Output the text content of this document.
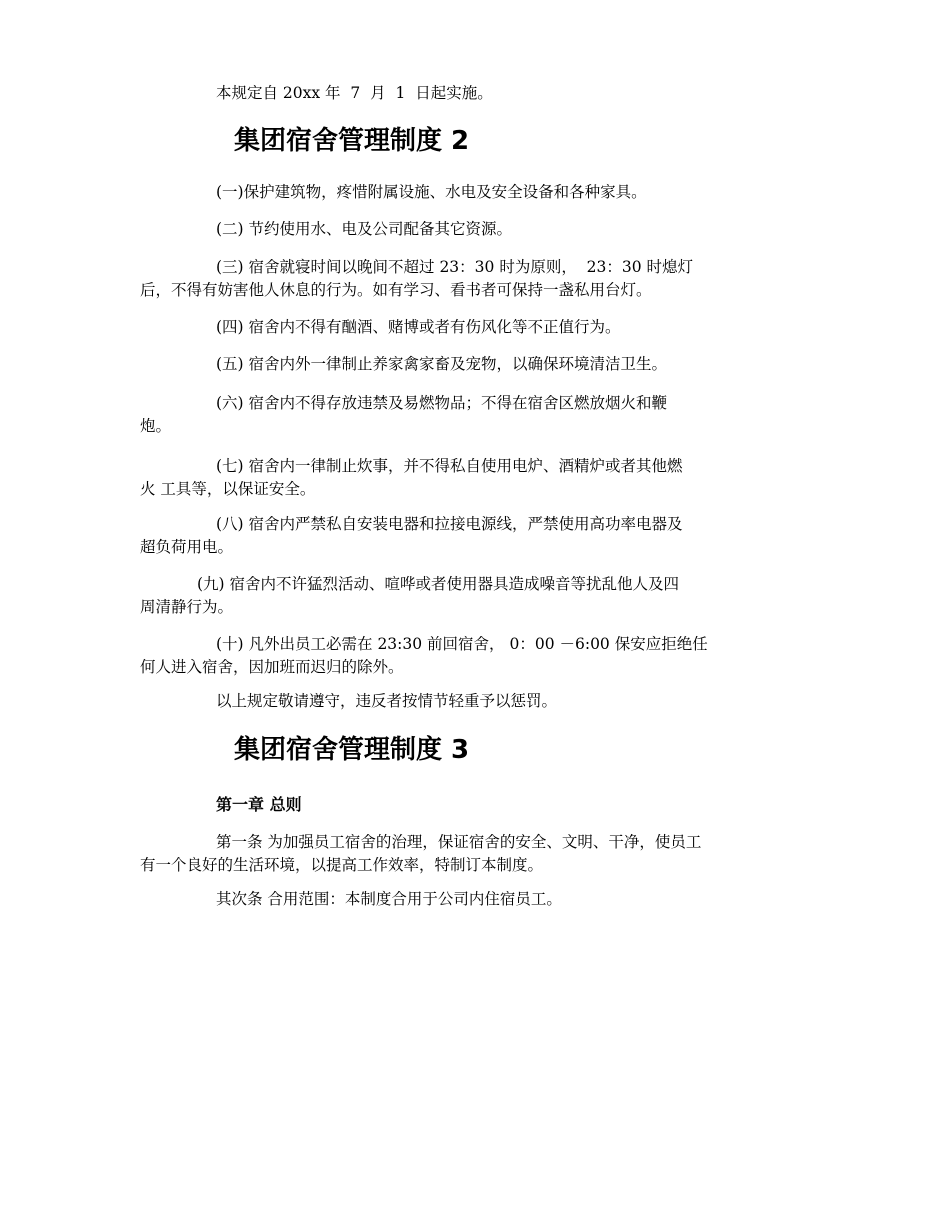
本规定自 20xx 年  7  月  1  日起实施。

集团宿舍管理制度 2

(一)保护建筑物，疼惜附属设施、水电及安全设备和各种家具。

(二) 节约使用水、电及公司配备其它资源。

(三) 宿舍就寝时间以晚间不超过 23：30 时为原则，  23：30 时熄灯
后，不得有妨害他人休息的行为。如有学习、看书者可保持一盏私用台灯。

(四) 宿舍内不得有酗酒、赌博或者有伤风化等不正值行为。

(五) 宿舍内外一律制止养家禽家畜及宠物，以确保环境清洁卫生。

(六) 宿舍内不得存放违禁及易燃物品；不得在宿舍区燃放烟火和鞭
炮。

(七) 宿舍内一律制止炊事，并不得私自使用电炉、酒精炉或者其他燃
火 工具等，以保证安全。

(八) 宿舍内严禁私自安装电器和拉接电源线，严禁使用高功率电器及
超负荷用电。

(九) 宿舍内不许猛烈活动、喧哗或者使用器具造成噪音等扰乱他人及四
周清静行为。

(十) 凡外出员工必需在 23:30 前回宿舍， 0：00 －6:00 保安应拒绝任
何人进入宿舍，因加班而迟归的除外。

以上规定敬请遵守，违反者按情节轻重予以惩罚。

集团宿舍管理制度 3
第一章 总则

第一条 为加强员工宿舍的治理，保证宿舍的安全、文明、干净，使员工
有一个良好的生活环境，以提高工作效率，特制订本制度。

其次条 合用范围：本制度合用于公司内住宿员工。
